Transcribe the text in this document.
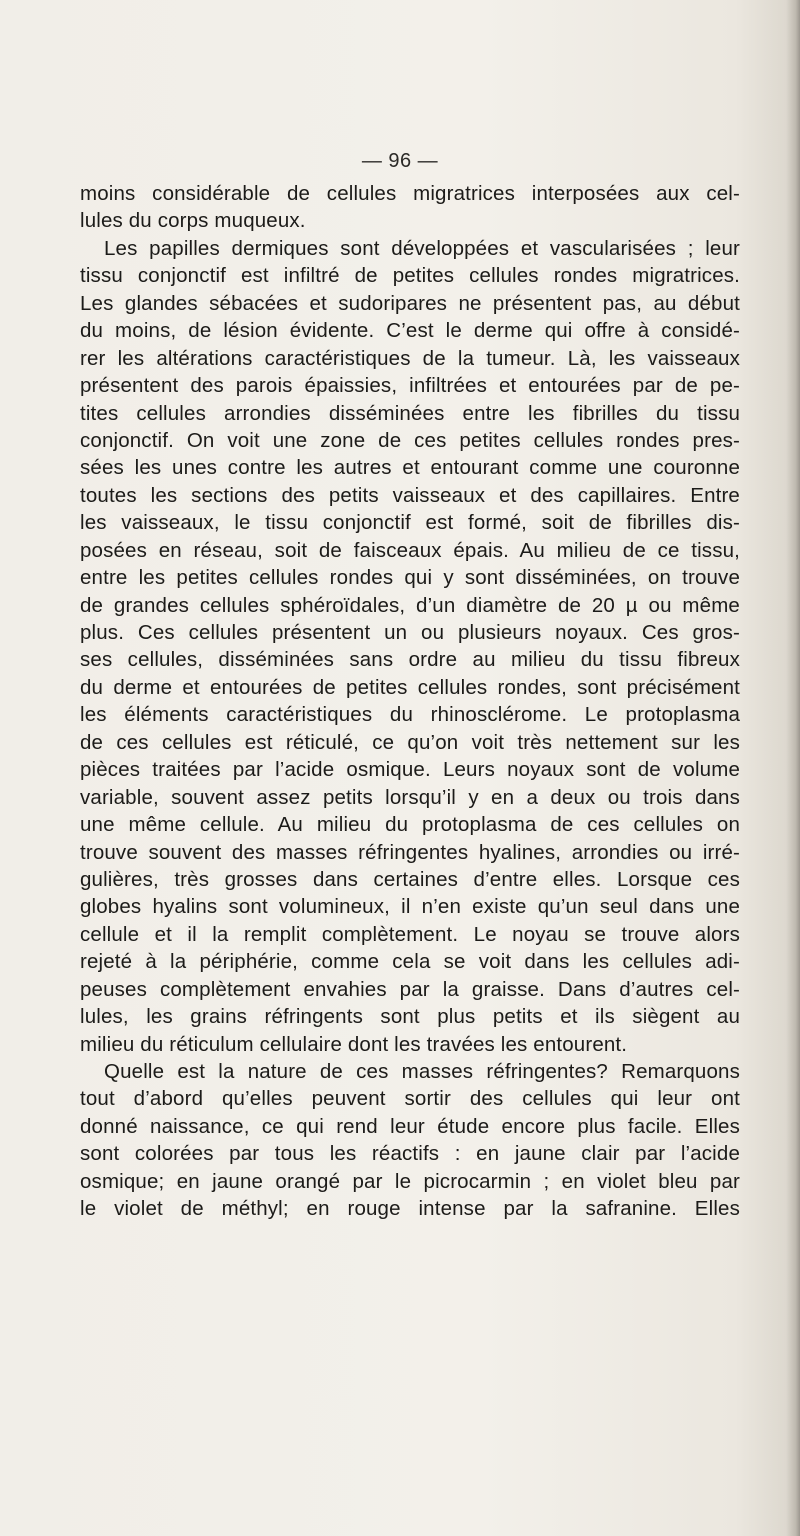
— 96 —
moins considérable de cellules migratrices interposées aux cel-
lules du corps muqueux.
Les papilles dermiques sont développées et vascularisées ; leur
tissu conjonctif est infiltré de petites cellules rondes migratrices.
Les glandes sébacées et sudoripares ne présentent pas, au début
du moins, de lésion évidente. C’est le derme qui offre à considé-
rer les altérations caractéristiques de la tumeur. Là, les vaisseaux
présentent des parois épaissies, infiltrées et entourées par de pe-
tites cellules arrondies disséminées entre les fibrilles du tissu
conjonctif. On voit une zone de ces petites cellules rondes pres-
sées les unes contre les autres et entourant comme une couronne
toutes les sections des petits vaisseaux et des capillaires. Entre
les vaisseaux, le tissu conjonctif est formé, soit de fibrilles dis-
posées en réseau, soit de faisceaux épais. Au milieu de ce tissu,
entre les petites cellules rondes qui y sont disséminées, on trouve
de grandes cellules sphéroïdales, d’un diamètre de 20 µ ou même
plus. Ces cellules présentent un ou plusieurs noyaux. Ces gros-
ses cellules, disséminées sans ordre au milieu du tissu fibreux
du derme et entourées de petites cellules rondes, sont précisément
les éléments caractéristiques du rhinosclérome. Le protoplasma
de ces cellules est réticulé, ce qu’on voit très nettement sur les
pièces traitées par l’acide osmique. Leurs noyaux sont de volume
variable, souvent assez petits lorsqu’il y en a deux ou trois dans
une même cellule. Au milieu du protoplasma de ces cellules on
trouve souvent des masses réfringentes hyalines, arrondies ou irré-
gulières, très grosses dans certaines d’entre elles. Lorsque ces
globes hyalins sont volumineux, il n’en existe qu’un seul dans une
cellule et il la remplit complètement. Le noyau se trouve alors
rejeté à la périphérie, comme cela se voit dans les cellules adi-
peuses complètement envahies par la graisse. Dans d’autres cel-
lules, les grains réfringents sont plus petits et ils siègent au
milieu du réticulum cellulaire dont les travées les entourent.
Quelle est la nature de ces masses réfringentes? Remarquons
tout d’abord qu’elles peuvent sortir des cellules qui leur ont
donné naissance, ce qui rend leur étude encore plus facile. Elles
sont colorées par tous les réactifs : en jaune clair par l’acide
osmique; en jaune orangé par le picrocarmin ; en violet bleu par
le violet de méthyl; en rouge intense par la safranine. Elles
